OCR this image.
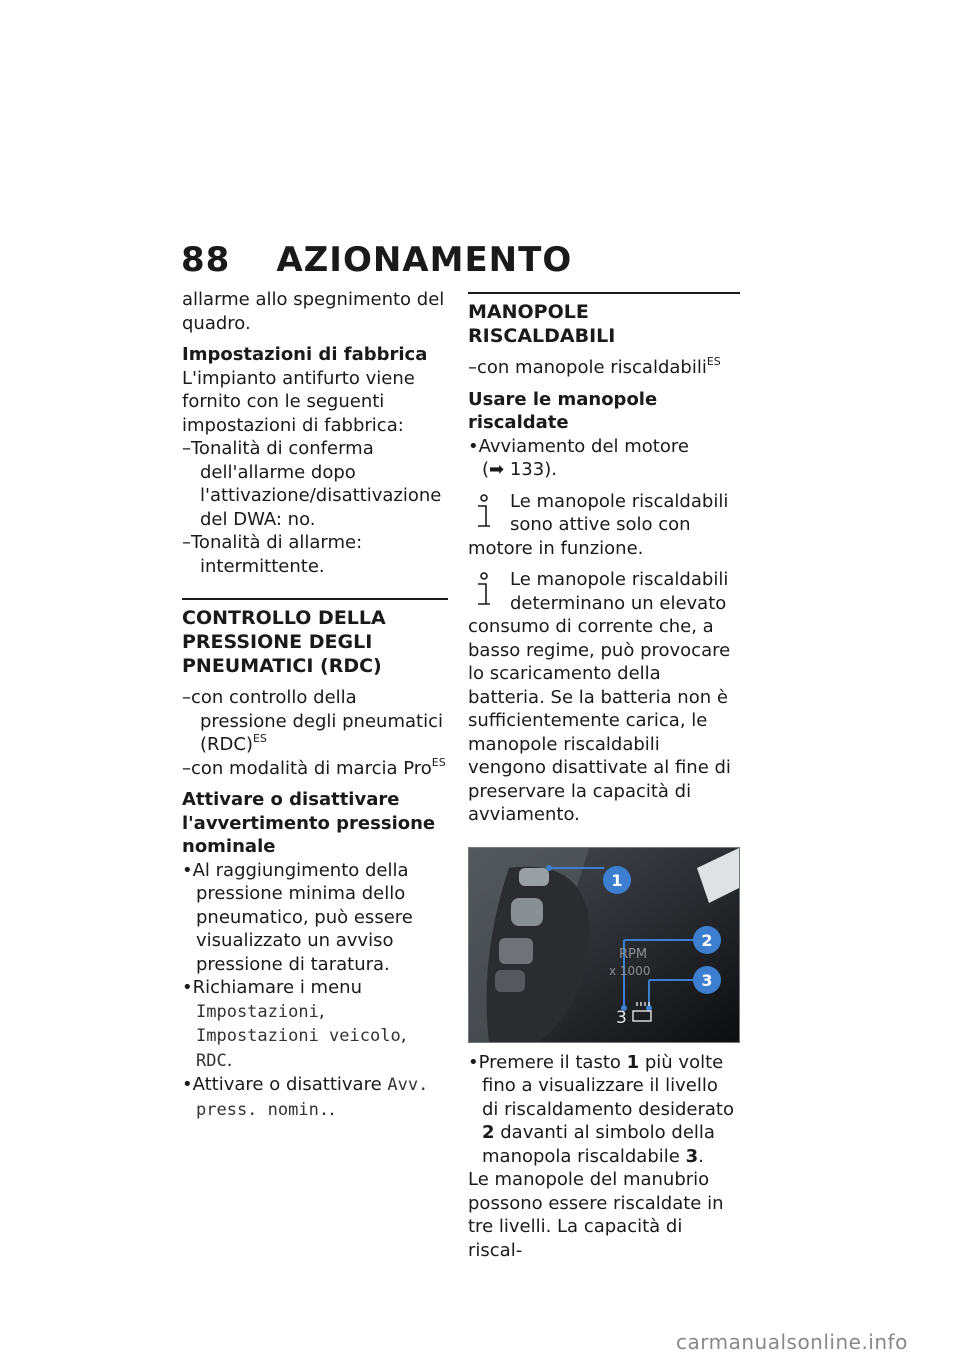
88 AZIONAMENTO

allarme allo spegnimento del quadro.

Impostazioni di fabbrica

L'impianto antifurto viene fornito con le seguenti impostazioni di fabbrica:

–Tonalità di conferma dell'allarme dopo l'attivazione/disattivazione del DWA: no.

–Tonalità di allarme: intermittente.

CONTROLLO DELLA PRESSIONE DEGLI PNEUMATICI (RDC)

–con controllo della pressione degli pneumatici (RDC)$^{ES}$

–con modalità di marcia Pro$^{ES}$

Attivare o disattivare l'avvertimento pressione nominale

•Al raggiungimento della pressione minima dello pneumatico, può essere visualizzato un avviso pressione di taratura.

•Richiamare i menu Impostazioni, Impostazioni veicolo, RDC.

•Attivare o disattivare Avv. press. nomin..

MANOPOLE RISCALDABILI

–con manopole riscaldabili$^{ES}$

Usare le manopole riscaldate

•Avviamento del motore

(➡ 133).

Le manopole riscaldabili sono attive solo con motore in funzione.

Le manopole riscaldabili determinano un elevato consumo di corrente che, a basso regime, può provocare lo scaricamento della batteria. Se la batteria non è sufficientemente carica, le manopole riscaldabili vengono disattivate al fine di preservare la capacità di avviamento.

RPM
x 1000
3
1
2
3

•Premere il tasto 1 più volte fino a visualizzare il livello di riscaldamento desiderato 2 davanti al simbolo della manopola riscaldabile 3.

Le manopole del manubrio possono essere riscaldate in tre livelli. La capacità di riscal-

carmanualsonline.info
